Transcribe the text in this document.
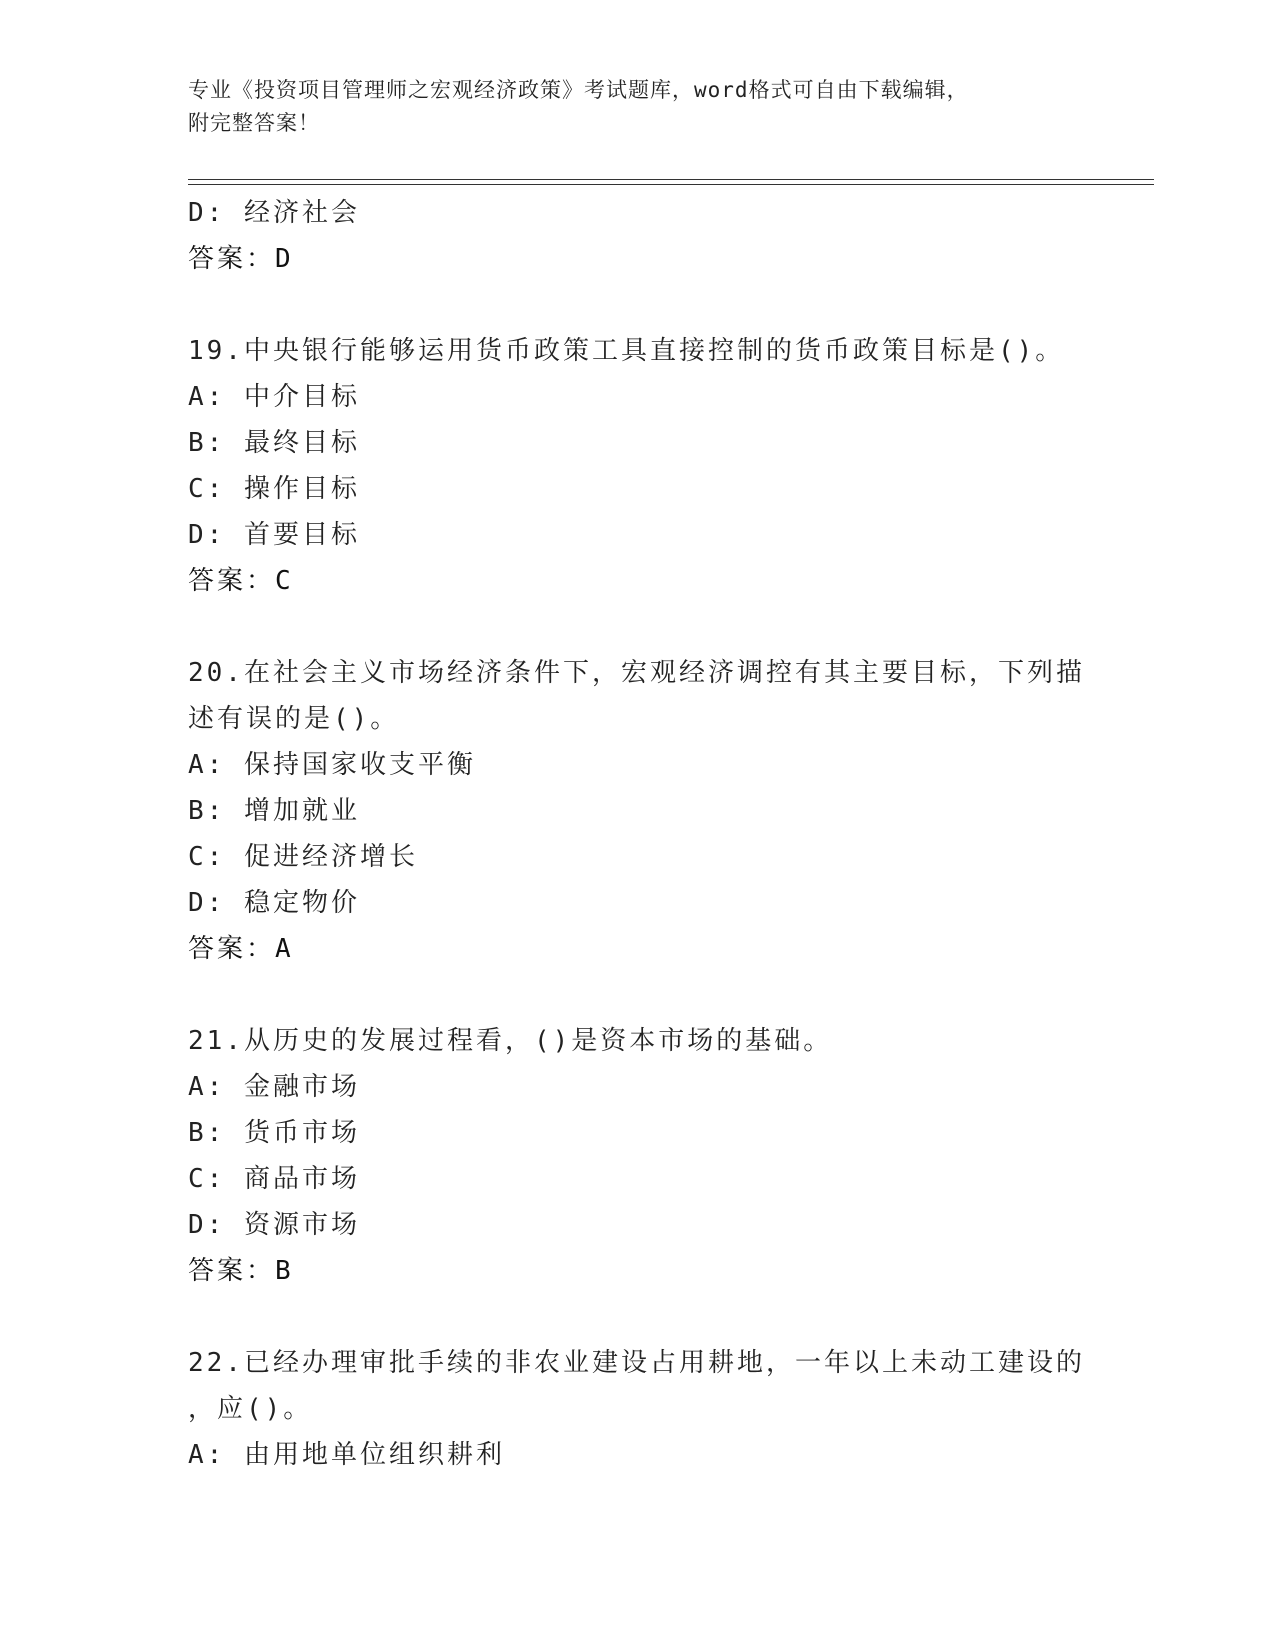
专业《投资项目管理师之宏观经济政策》考试题库，word格式可自由下载编辑，
附完整答案！
D: 经济社会
答案：D
19.中央银行能够运用货币政策工具直接控制的货币政策目标是()。
A: 中介目标
B: 最终目标
C: 操作目标
D: 首要目标
答案：C
20.在社会主义市场经济条件下，宏观经济调控有其主要目标，下列描
述有误的是()。
A: 保持国家收支平衡
B: 增加就业
C: 促进经济增长
D: 稳定物价
答案：A
21.从历史的发展过程看，()是资本市场的基础。
A: 金融市场
B: 货币市场
C: 商品市场
D: 资源市场
答案：B
22.已经办理审批手续的非农业建设占用耕地，一年以上未动工建设的
，应()。
A: 由用地单位组织耕利
